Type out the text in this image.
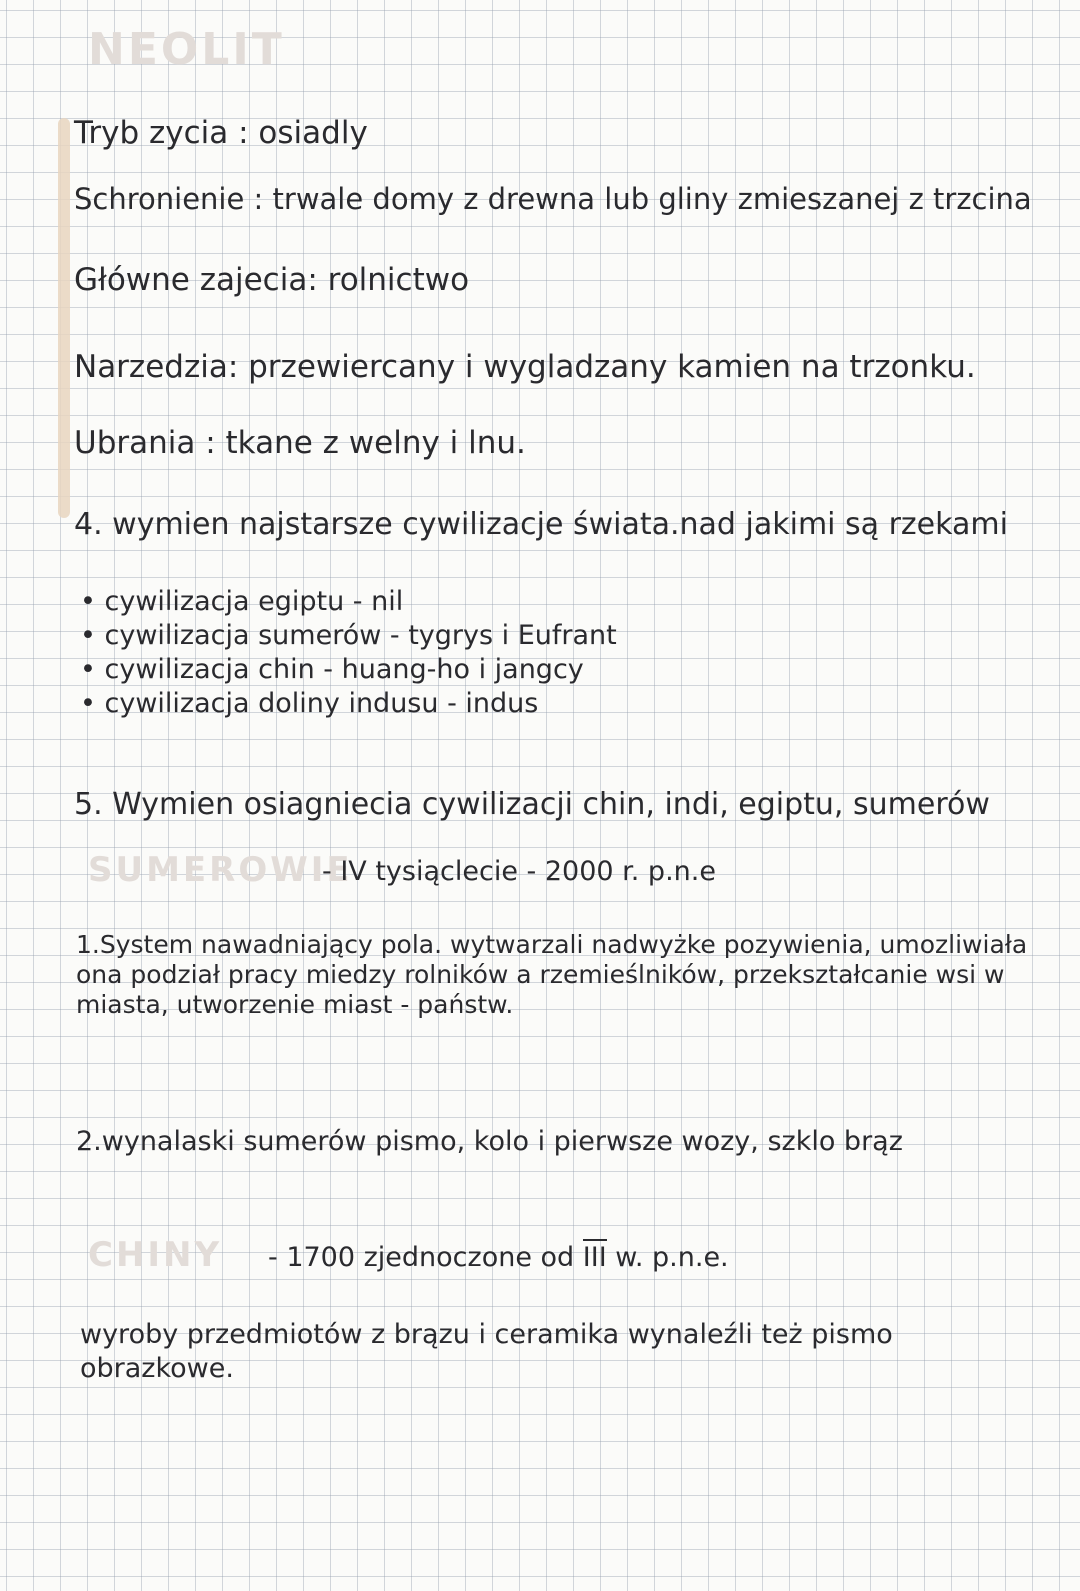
NEOLIT
Tryb zycia : osiadly
Schronienie : trwale domy z drewna lub gliny zmieszanej z trzcina
Główne zajecia: rolnictwo
Narzedzia: przewiercany i wygladzany kamien na trzonku.
Ubrania : tkane z welny i lnu.
4. wymien najstarsze cywilizacje świata.nad jakimi są rzekami
• cywilizacja egiptu - nil
• cywilizacja sumerów - tygrys i Eufrant
• cywilizacja chin - huang-ho i jangcy
• cywilizacja doliny indusu - indus
5. Wymien osiagniecia cywilizacji chin, indi, egiptu, sumerów
SUMEROWIE
- IV tysiąclecie - 2000 r. p.n.e
1.System nawadniający pola. wytwarzali nadwyżke pozywienia, umozliwiała ona podział pracy miedzy rolników a rzemieślników, przekształcanie wsi w miasta, utworzenie miast - państw.
2.wynalaski sumerów pismo, kolo i pierwsze wozy, szklo brąz
CHINY - 1700 zjednoczone od III w. p.n.e.
wyroby przedmiotów z brązu i ceramika wynaleźli też pismo obrazkowe.
